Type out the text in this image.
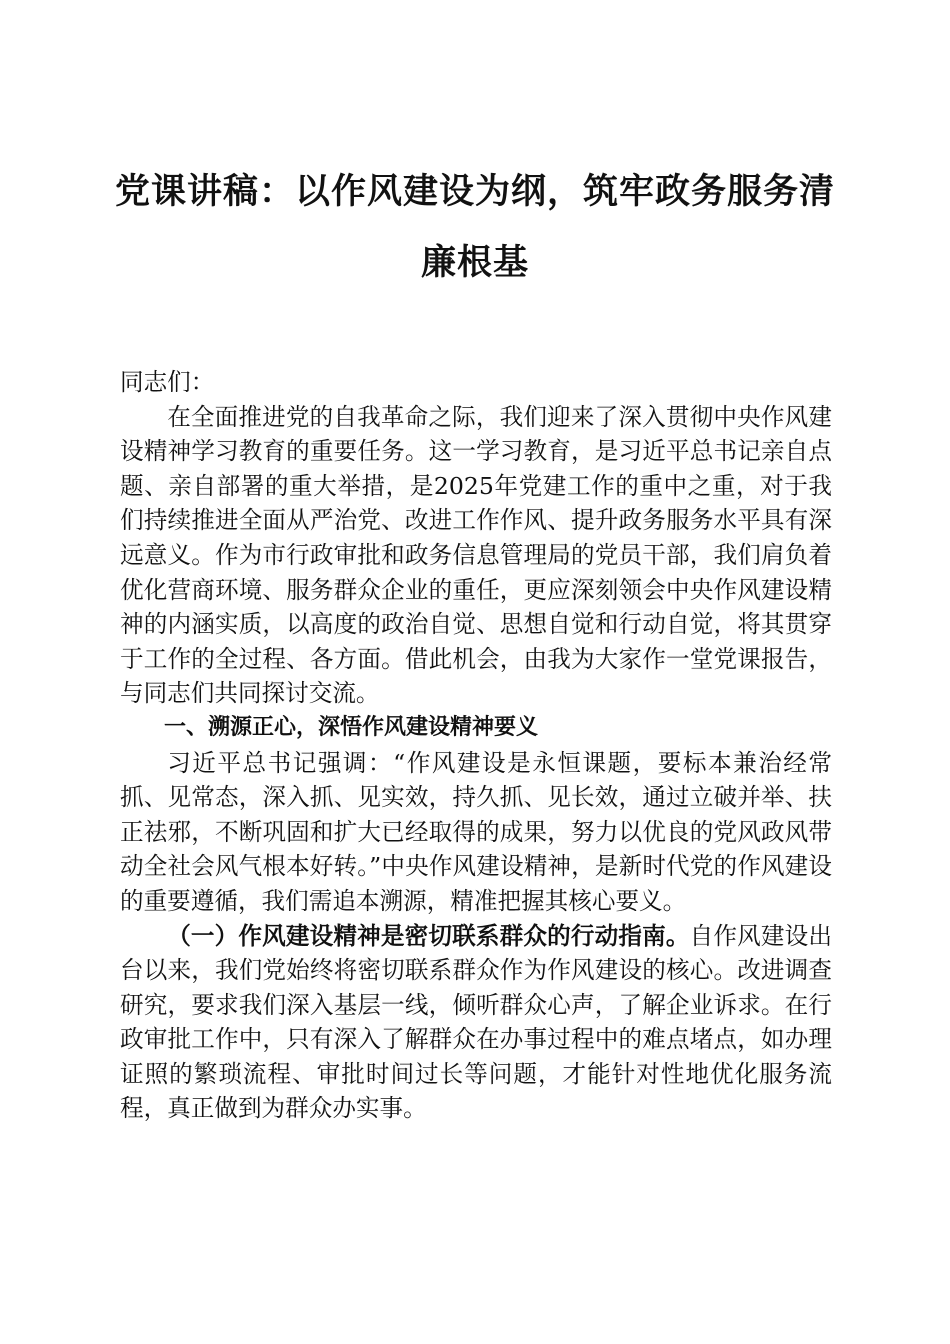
党课讲稿：以作风建设为纲，筑牢政务服务清
廉根基

同志们：

在全面推进党的自我革命之际，我们迎来了深入贯彻中央作风建设精神学习教育的重要任务。这一学习教育，是习近平总书记亲自点题、亲自部署的重大举措，是2025年党建工作的重中之重，对于我们持续推进全面从严治党、改进工作作风、提升政务服务水平具有深远意义。作为市行政审批和政务信息管理局的党员干部，我们肩负着优化营商环境、服务群众企业的重任，更应深刻领会中央作风建设精神的内涵实质，以高度的政治自觉、思想自觉和行动自觉，将其贯穿于工作的全过程、各方面。借此机会，由我为大家作一堂党课报告，与同志们共同探讨交流。

一、溯源正心，深悟作风建设精神要义

习近平总书记强调：“作风建设是永恒课题，要标本兼治经常抓、见常态，深入抓、见实效，持久抓、见长效，通过立破并举、扶正祛邪，不断巩固和扩大已经取得的成果，努力以优良的党风政风带动全社会风气根本好转。”中央作风建设精神，是新时代党的作风建设的重要遵循，我们需追本溯源，精准把握其核心要义。

（一）作风建设精神是密切联系群众的行动指南。自作风建设出台以来，我们党始终将密切联系群众作为作风建设的核心。改进调查研究，要求我们深入基层一线，倾听群众心声，了解企业诉求。在行政审批工作中，只有深入了解群众在办事过程中的难点堵点，如办理证照的繁琐流程、审批时间过长等问题，才能针对性地优化服务流程，真正做到为群众办实事。
